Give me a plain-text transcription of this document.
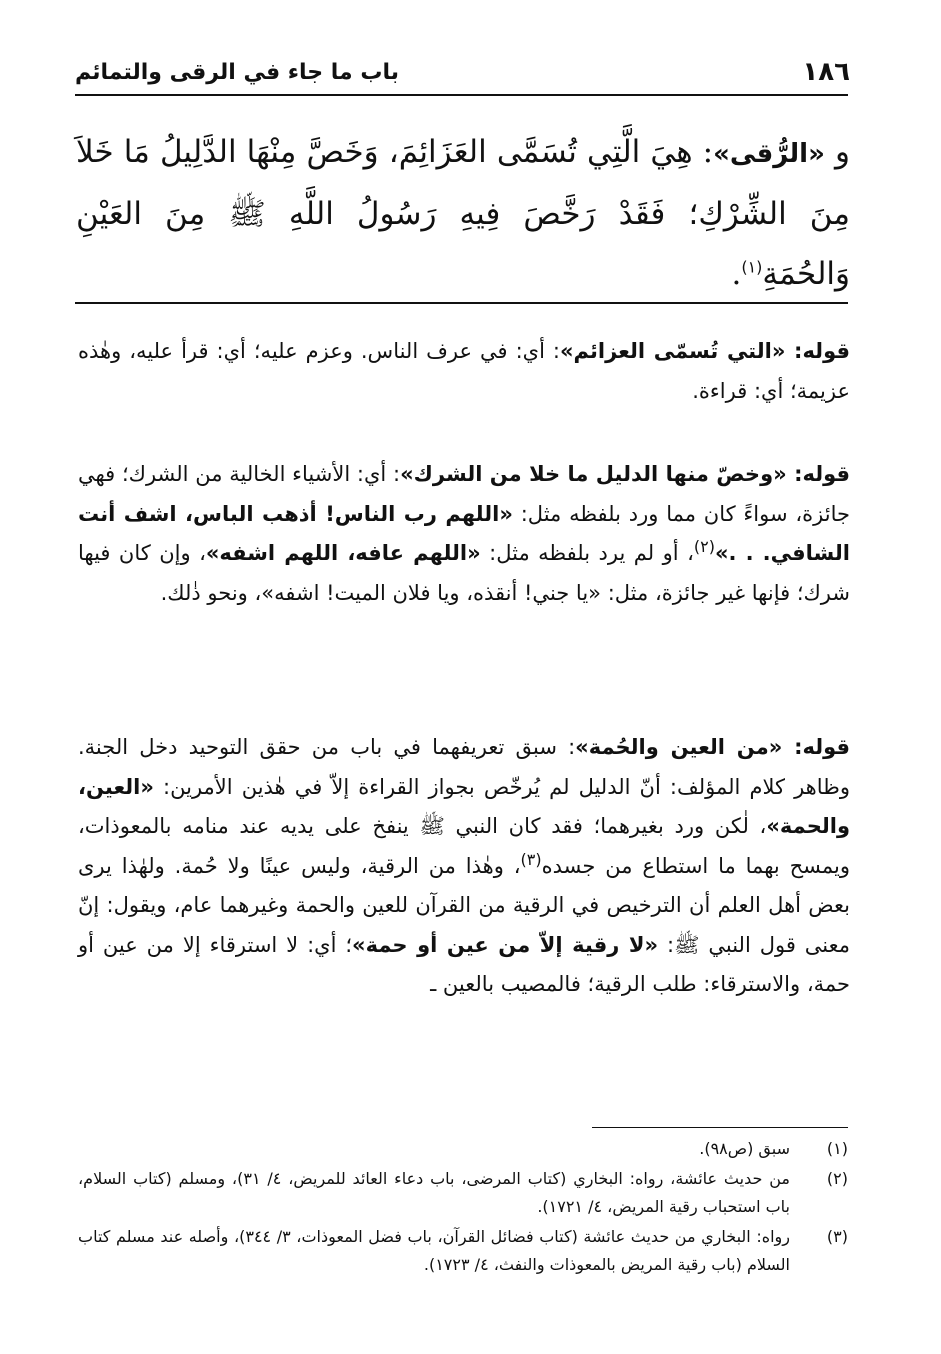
١٨٦
باب ما جاء في الرقى والتمائم
و «الرُّقى»: هِيَ الَّتِي تُسَمَّى العَزَائِمَ، وَخَصَّ مِنْهَا الدَّلِيلُ مَا خَلاَ مِنَ الشِّرْكِ؛ فَقَدْ رَخَّصَ فِيهِ رَسُولُ اللَّهِ ﷺ مِنَ العَيْنِ وَالحُمَةِ$^{(١)}$.
قوله: «التي تُسمّى العزائم»: أي: في عرف الناس. وعزم عليه؛ أي: قرأ عليه، وهٰذه عزيمة؛ أي: قراءة.
قوله: «وخصّ منها الدليل ما خلا من الشرك»: أي: الأشياء الخالية من الشرك؛ فهي جائزة، سواءً كان مما ورد بلفظه مثل: «اللهم رب الناس! أذهب الباس، اشف أنت الشافي. . .»$^{(٢)}$، أو لم يرد بلفظه مثل: «اللهم عافه، اللهم اشفه»، وإن كان فيها شرك؛ فإنها غير جائزة، مثل: «يا جني! أنقذه، ويا فلان الميت! اشفه»، ونحو ذٰلك.
قوله: «من العين والحُمة»: سبق تعريفهما في باب من حقق التوحيد دخل الجنة. وظاهر كلام المؤلف: أنّ الدليل لم يُرخّص بجواز القراءة إلاّ في هٰذين الأمرين: «العين، والحمة»، لٰكن ورد بغيرهما؛ فقد كان النبي ﷺ ينفخ على يديه عند منامه بالمعوذات، ويمسح بهما ما استطاع من جسده$^{(٣)}$، وهٰذا من الرقية، وليس عينًا ولا حُمة. ولهٰذا يرى بعض أهل العلم أن الترخيص في الرقية من القرآن للعين والحمة وغيرهما عام، ويقول: إنّ معنى قول النبي ﷺ: «لا رقية إلاّ من عين أو حمة»؛ أي: لا استرقاء إلا من عين أو حمة، والاسترقاء: طلب الرقية؛ فالمصيب بالعين ـ
(١)
سبق (ص٩٨).
(٢)
من حديث عائشة، رواه: البخاري (كتاب المرضى، باب دعاء العائد للمريض، ٤/ ٣١)، ومسلم (كتاب السلام، باب استحباب رقية المريض، ٤/ ١٧٢١).
(٣)
رواه: البخاري من حديث عائشة (كتاب فضائل القرآن، باب فضل المعوذات، ٣/ ٣٤٤)، وأصله عند مسلم كتاب السلام (باب رقية المريض بالمعوذات والنفث، ٤/ ١٧٢٣).
